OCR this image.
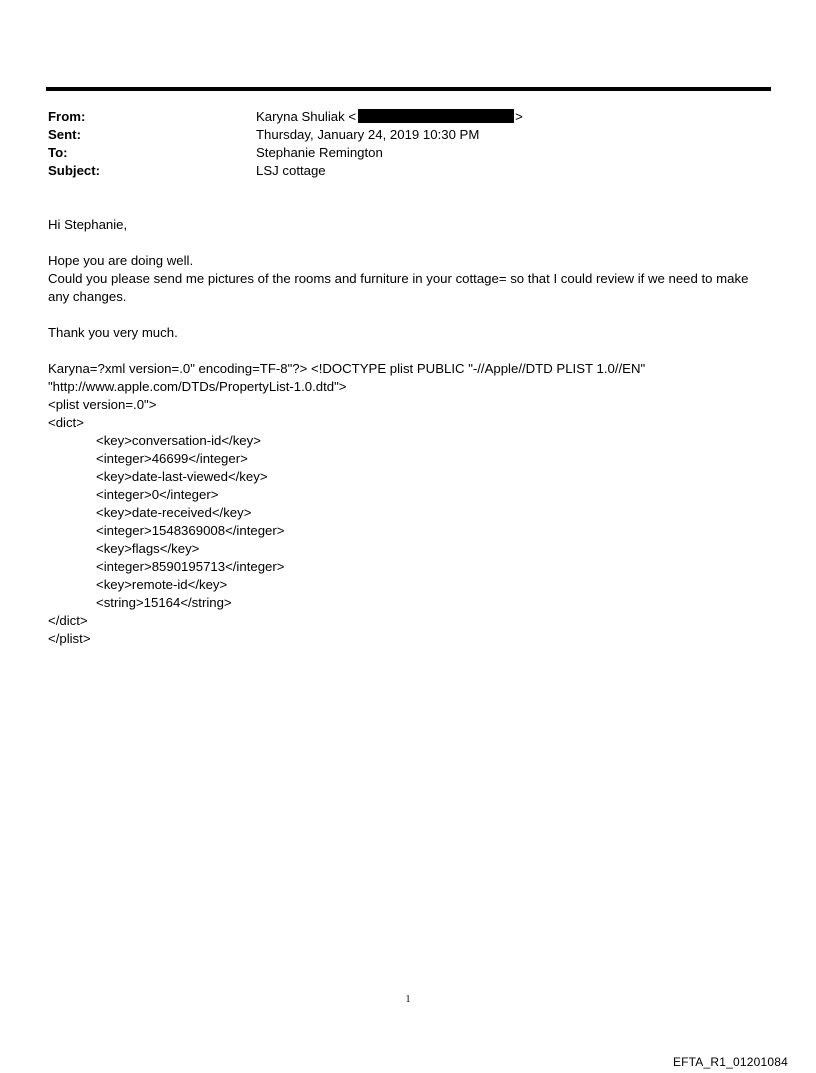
From:	Karyna Shuliak <	>
Sent:	Thursday, January 24, 2019 10:30 PM
To:	Stephanie Remington
Subject:	LSJ cottage

Hi Stephanie,

Hope you are doing well.

Could you please send me pictures of the rooms and furniture in your cottage= so that I could review if we need to make any changes.

Thank you very much.

Karyna=?xml version=.0" encoding=TF-8"?> <!DOCTYPE plist PUBLIC "-//Apple//DTD PLIST 1.0//EN"

"http://www.apple.com/DTDs/PropertyList-1.0.dtd">

<plist version=.0">

<dict>

<key>conversation-id</key>

<integer>46699</integer>

<key>date-last-viewed</key>

<integer>0</integer>

<key>date-received</key>

<integer>1548369008</integer>

<key>flags</key>

<integer>8590195713</integer>

<key>remote-id</key>

<string>15164</string>

</dict>

</plist>

1
EFTA_R1_01201084
